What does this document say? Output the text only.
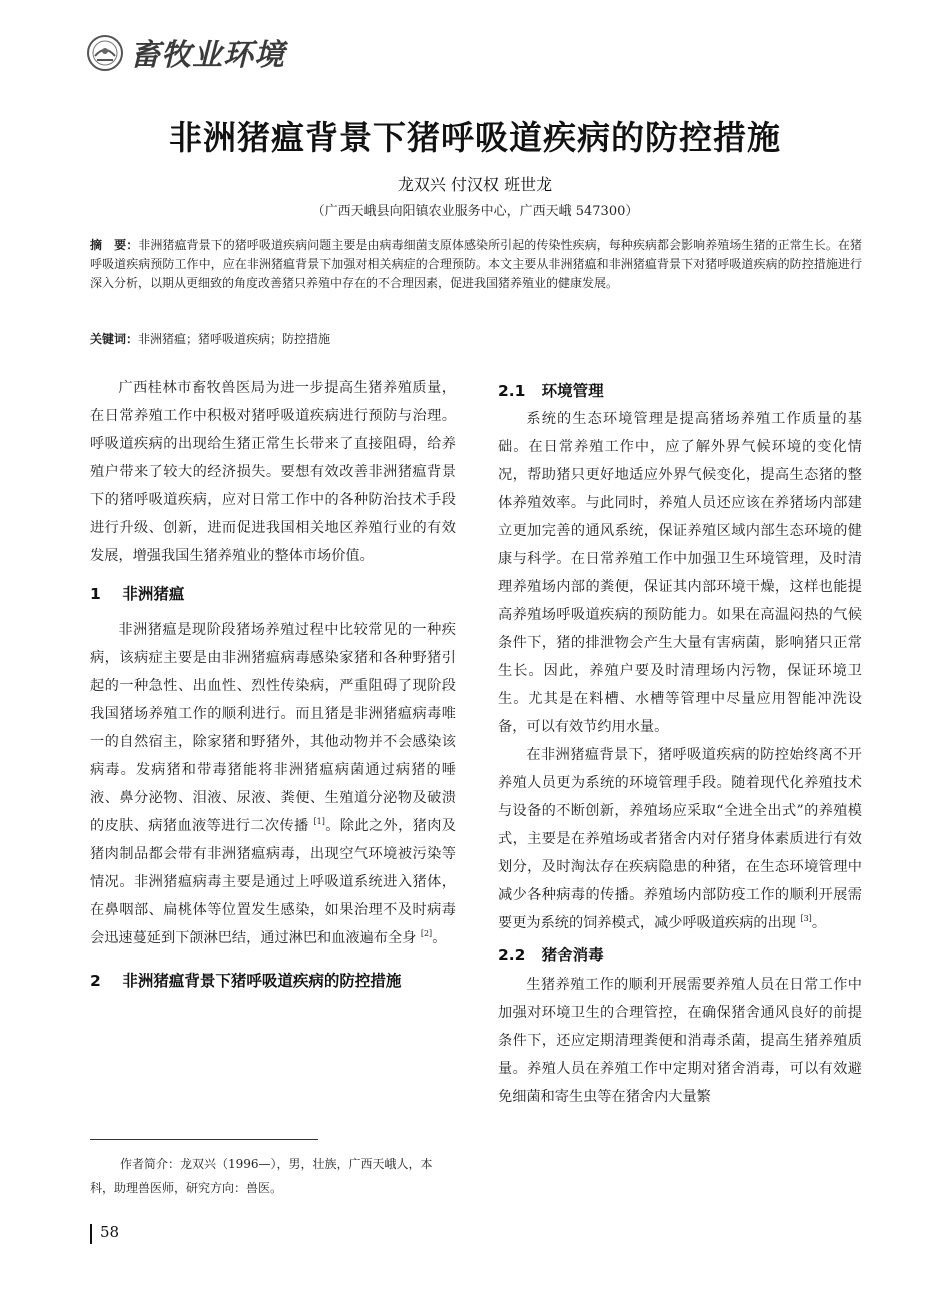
畜牧业环境
非洲猪瘟背景下猪呼吸道疾病的防控措施
龙双兴 付汉权 班世龙
（广西天峨县向阳镇农业服务中心，广西天峨 547300）
摘　要：非洲猪瘟背景下的猪呼吸道疾病问题主要是由病毒细菌支原体感染所引起的传染性疾病，每种疾病都会影响养殖场生猪的正常生长。在猪呼吸道疾病预防工作中，应在非洲猪瘟背景下加强对相关病症的合理预防。本文主要从非洲猪瘟和非洲猪瘟背景下对猪呼吸道疾病的防控措施进行深入分析，以期从更细致的角度改善猪只养殖中存在的不合理因素，促进我国猪养殖业的健康发展。
关键词：非洲猪瘟；猪呼吸道疾病；防控措施

广西桂林市畜牧兽医局为进一步提高生猪养殖质量，在日常养殖工作中积极对猪呼吸道疾病进行预防与治理。呼吸道疾病的出现给生猪正常生长带来了直接阻碍，给养殖户带来了较大的经济损失。要想有效改善非洲猪瘟背景下的猪呼吸道疾病，应对日常工作中的各种防治技术手段进行升级、创新，进而促进我国相关地区养殖行业的有效发展，增强我国生猪养殖业的整体市场价值。

1 非洲猪瘟

非洲猪瘟是现阶段猪场养殖过程中比较常见的一种疾病，该病症主要是由非洲猪瘟病毒感染家猪和各种野猪引起的一种急性、出血性、烈性传染病，严重阻碍了现阶段我国猪场养殖工作的顺利进行。而且猪是非洲猪瘟病毒唯一的自然宿主，除家猪和野猪外，其他动物并不会感染该病毒。发病猪和带毒猪能将非洲猪瘟病菌通过病猪的唾液、鼻分泌物、泪液、尿液、粪便、生殖道分泌物及破溃的皮肤、病猪血液等进行二次传播 [1]。除此之外，猪肉及猪肉制品都会带有非洲猪瘟病毒，出现空气环境被污染等情况。非洲猪瘟病毒主要是通过上呼吸道系统进入猪体，在鼻咽部、扁桃体等位置发生感染，如果治理不及时病毒会迅速蔓延到下颌淋巴结，通过淋巴和血液遍布全身 [2]。

2 非洲猪瘟背景下猪呼吸道疾病的防控措施
2.1 环境管理

系统的生态环境管理是提高猪场养殖工作质量的基础。在日常养殖工作中，应了解外界气候环境的变化情况，帮助猪只更好地适应外界气候变化，提高生态猪的整体养殖效率。与此同时，养殖人员还应该在养猪场内部建立更加完善的通风系统，保证养殖区域内部生态环境的健康与科学。在日常养殖工作中加强卫生环境管理，及时清理养殖场内部的粪便，保证其内部环境干燥，这样也能提高养殖场呼吸道疾病的预防能力。如果在高温闷热的气候条件下，猪的排泄物会产生大量有害病菌，影响猪只正常生长。因此，养殖户要及时清理场内污物，保证环境卫生。尤其是在料槽、水槽等管理中尽量应用智能冲洗设备，可以有效节约用水量。

在非洲猪瘟背景下，猪呼吸道疾病的防控始终离不开养殖人员更为系统的环境管理手段。随着现代化养殖技术与设备的不断创新，养殖场应采取“全进全出式”的养殖模式，主要是在养殖场或者猪舍内对仔猪身体素质进行有效划分，及时淘汰存在疾病隐患的种猪，在生态环境管理中减少各种病毒的传播。养殖场内部防疫工作的顺利开展需要更为系统的饲养模式，减少呼吸道疾病的出现 [3]。

2.2 猪舍消毒

生猪养殖工作的顺利开展需要养殖人员在日常工作中加强对环境卫生的合理管控，在确保猪舍通风良好的前提条件下，还应定期清理粪便和消毒杀菌，提高生猪养殖质量。养殖人员在养殖工作中定期对猪舍消毒，可以有效避免细菌和寄生虫等在猪舍内大量繁

作者简介：龙双兴（1996—），男，壮族，广西天峨人，本科，助理兽医师，研究方向：兽医。
58
